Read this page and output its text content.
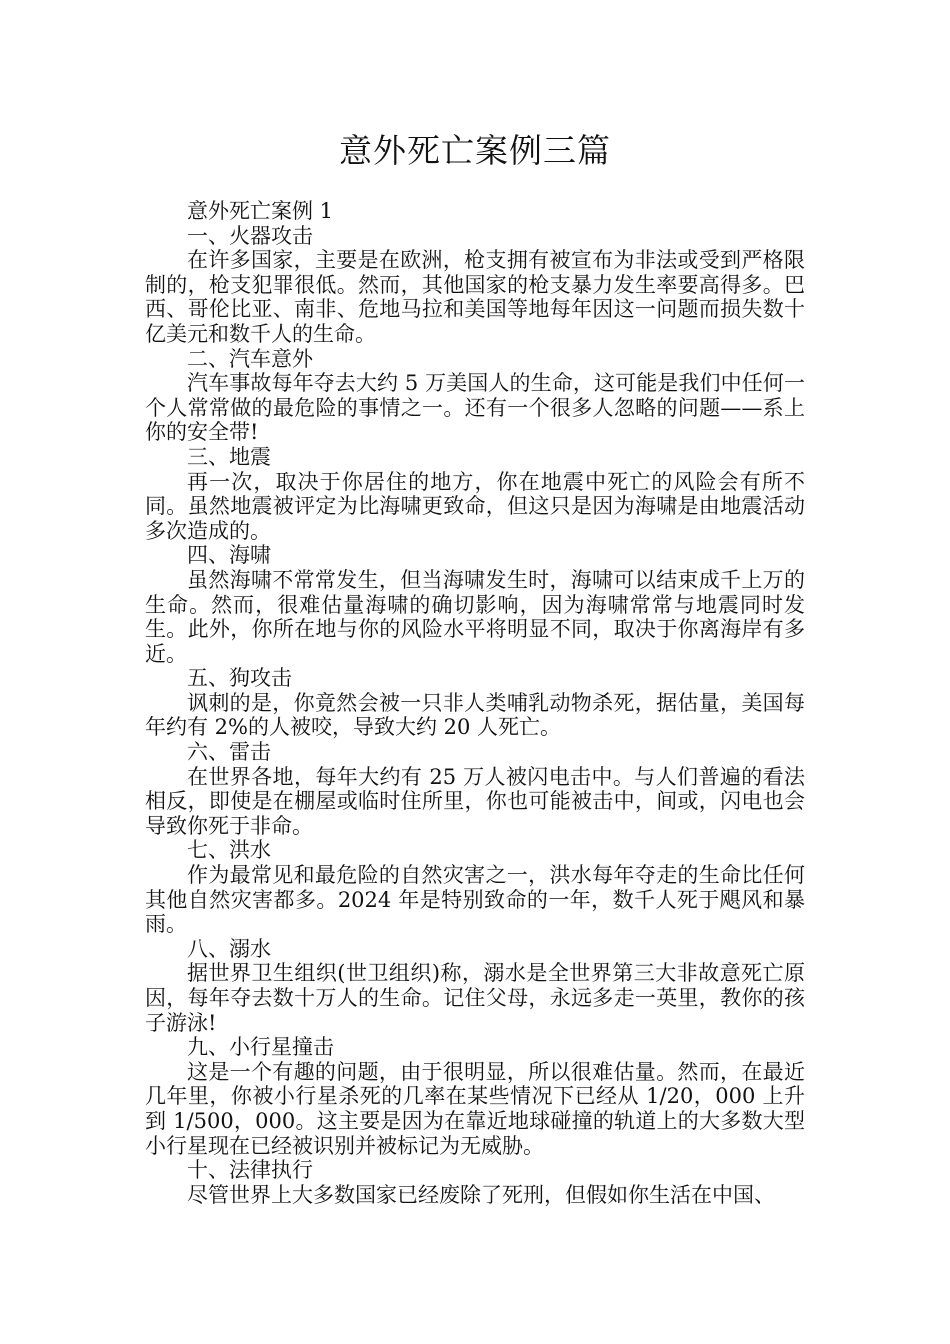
意外死亡案例三篇

意外死亡案例 1

一、火器攻击

在许多国家，主要是在欧洲，枪支拥有被宣布为非法或受到严格限制的，枪支犯罪很低。然而，其他国家的枪支暴力发生率要高得多。巴西、哥伦比亚、南非、危地马拉和美国等地每年因这一问题而损失数十亿美元和数千人的生命。

二、汽车意外

汽车事故每年夺去大约 5 万美国人的生命，这可能是我们中任何一个人常常做的最危险的事情之一。还有一个很多人忽略的问题——系上你的安全带!

三、地震

再一次，取决于你居住的地方，你在地震中死亡的风险会有所不同。虽然地震被评定为比海啸更致命，但这只是因为海啸是由地震活动多次造成的。

四、海啸

虽然海啸不常常发生，但当海啸发生时，海啸可以结束成千上万的生命。然而，很难估量海啸的确切影响，因为海啸常常与地震同时发生。此外，你所在地与你的风险水平将明显不同，取决于你离海岸有多近。

五、狗攻击

讽刺的是，你竟然会被一只非人类哺乳动物杀死，据估量，美国每年约有 2%的人被咬，导致大约 20 人死亡。

六、雷击

在世界各地，每年大约有 25 万人被闪电击中。与人们普遍的看法相反，即使是在棚屋或临时住所里，你也可能被击中，间或，闪电也会导致你死于非命。

七、洪水

作为最常见和最危险的自然灾害之一，洪水每年夺走的生命比任何其他自然灾害都多。2024 年是特别致命的一年，数千人死于飓风和暴雨。

八、溺水

据世界卫生组织(世卫组织)称，溺水是全世界第三大非故意死亡原因，每年夺去数十万人的生命。记住父母，永远多走一英里，教你的孩子游泳!

九、小行星撞击

这是一个有趣的问题，由于很明显，所以很难估量。然而，在最近几年里，你被小行星杀死的几率在某些情况下已经从 1/20，000 上升到 1/500，000。这主要是因为在靠近地球碰撞的轨道上的大多数大型小行星现在已经被识别并被标记为无威胁。

十、法律执行

尽管世界上大多数国家已经废除了死刑，但假如你生活在中国、
